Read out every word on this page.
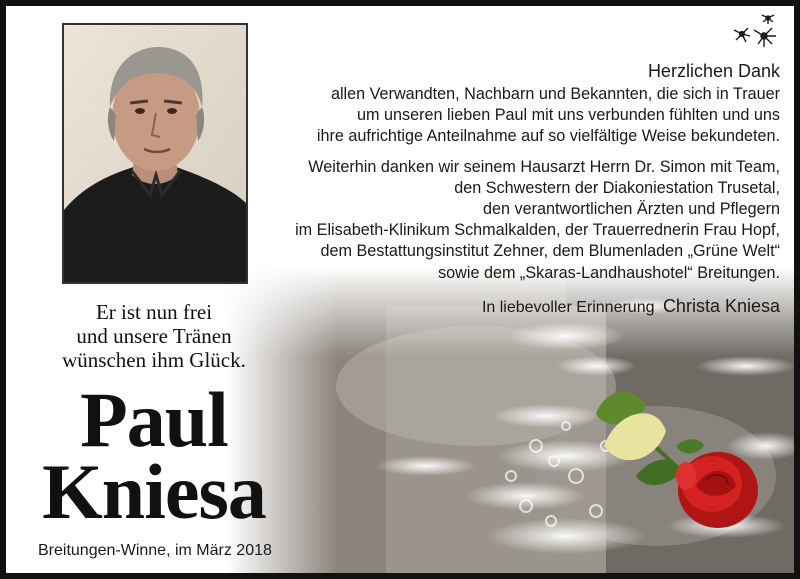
Herzlichen Dank
allen Verwandten, Nachbarn und Bekannten, die sich in Trauer
um unseren lieben Paul mit uns verbunden fühlten und uns
ihre aufrichtige Anteilnahme auf so vielfältige Weise bekundeten.
Weiterhin danken wir seinem Hausarzt Herrn Dr. Simon mit Team,
den Schwestern der Diakoniestation Trusetal,
den verantwortlichen Ärzten und Pflegern
im Elisabeth-Klinikum Schmalkalden, der Trauerrednerin Frau Hopf,
dem Bestattungsinstitut Zehner, dem Blumenladen „Grüne Welt“
sowie dem „Skaras-Landhaushotel“ Breitungen.
In liebevoller Erinnerung Christa Kniesa
Er ist nun frei
und unsere Tränen
wünschen ihm Glück.
Paul
Kniesa
Breitungen-Winne, im März 2018
